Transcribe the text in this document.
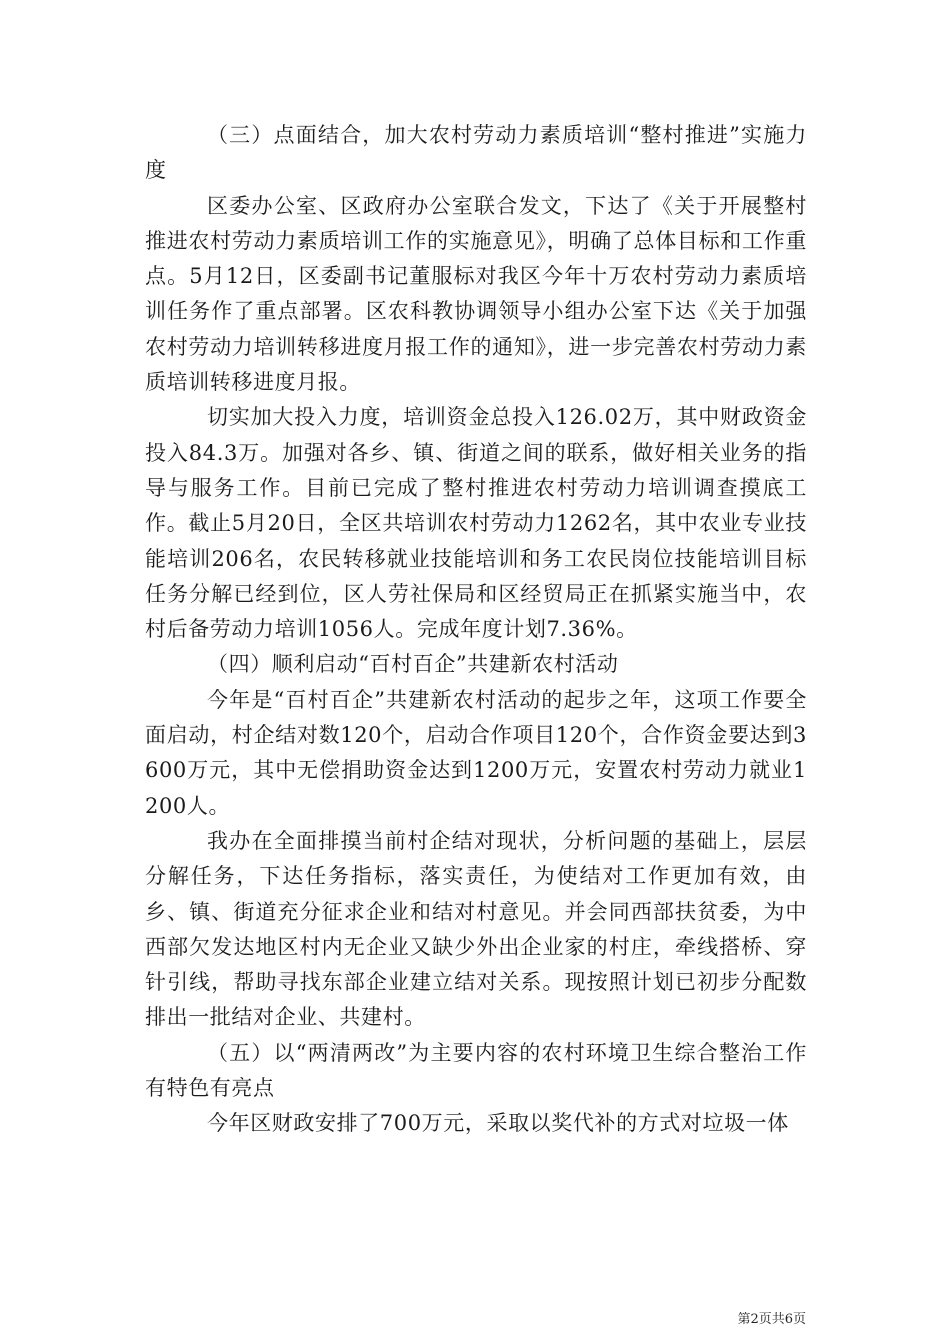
（三）点面结合，加大农村劳动力素质培训“整村推进”实施力度

区委办公室、区政府办公室联合发文，下达了《关于开展整村推进农村劳动力素质培训工作的实施意见》，明确了总体目标和工作重点。5月12日，区委副书记董服标对我区今年十万农村劳动力素质培训任务作了重点部署。区农科教协调领导小组办公室下达《关于加强农村劳动力培训转移进度月报工作的通知》，进一步完善农村劳动力素质培训转移进度月报。

切实加大投入力度，培训资金总投入126.02万，其中财政资金投入84.3万。加强对各乡、镇、街道之间的联系，做好相关业务的指导与服务工作。目前已完成了整村推进农村劳动力培训调查摸底工作。截止5月20日，全区共培训农村劳动力1262名，其中农业专业技能培训206名，农民转移就业技能培训和务工农民岗位技能培训目标任务分解已经到位，区人劳社保局和区经贸局正在抓紧实施当中，农村后备劳动力培训1056人。完成年度计划7.36%。

（四）顺利启动“百村百企”共建新农村活动

今年是“百村百企”共建新农村活动的起步之年，这项工作要全面启动，村企结对数120个，启动合作项目120个，合作资金要达到3600万元，其中无偿捐助资金达到1200万元，安置农村劳动力就业1200人。

我办在全面排摸当前村企结对现状，分析问题的基础上，层层分解任务，下达任务指标，落实责任，为使结对工作更加有效，由乡、镇、街道充分征求企业和结对村意见。并会同西部扶贫委，为中西部欠发达地区村内无企业又缺少外出企业家的村庄，牵线搭桥、穿针引线，帮助寻找东部企业建立结对关系。现按照计划已初步分配数排出一批结对企业、共建村。

（五）以“两清两改”为主要内容的农村环境卫生综合整治工作有特色有亮点

今年区财政安排了700万元，采取以奖代补的方式对垃圾一体

第2页共6页
